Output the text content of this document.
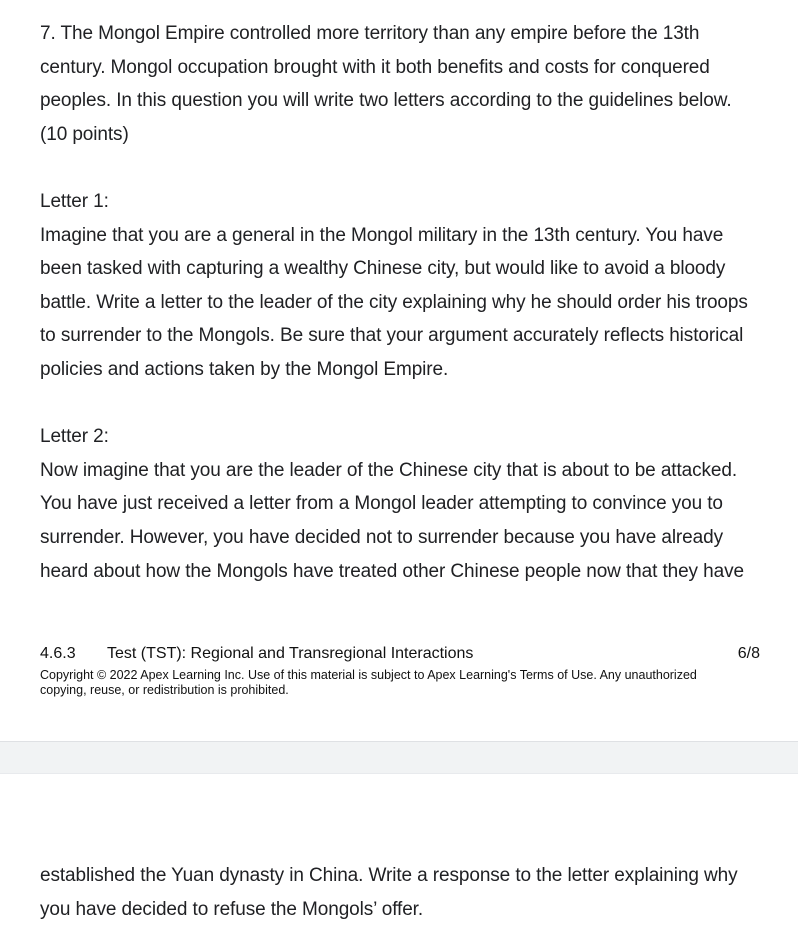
7. The Mongol Empire controlled more territory than any empire before the 13th

century. Mongol occupation brought with it both benefits and costs for conquered

peoples. In this question you will write two letters according to the guidelines below.

(10 points)

Letter 1:

Imagine that you are a general in the Mongol military in the 13th century. You have

been tasked with capturing a wealthy Chinese city, but would like to avoid a bloody

battle. Write a letter to the leader of the city explaining why he should order his troops

to surrender to the Mongols. Be sure that your argument accurately reflects historical

policies and actions taken by the Mongol Empire.

Letter 2:

Now imagine that you are the leader of the Chinese city that is about to be attacked.

You have just received a letter from a Mongol leader attempting to convince you to

surrender. However, you have decided not to surrender because you have already

heard about how the Mongols have treated other Chinese people now that they have

4.6.3	Test (TST): Regional and Transregional Interactions	6/8
Copyright © 2022 Apex Learning Inc. Use of this material is subject to Apex Learning's Terms of Use. Any unauthorized copying, reuse, or redistribution is prohibited.

established the Yuan dynasty in China. Write a response to the letter explaining why

you have decided to refuse the Mongols’ offer.
